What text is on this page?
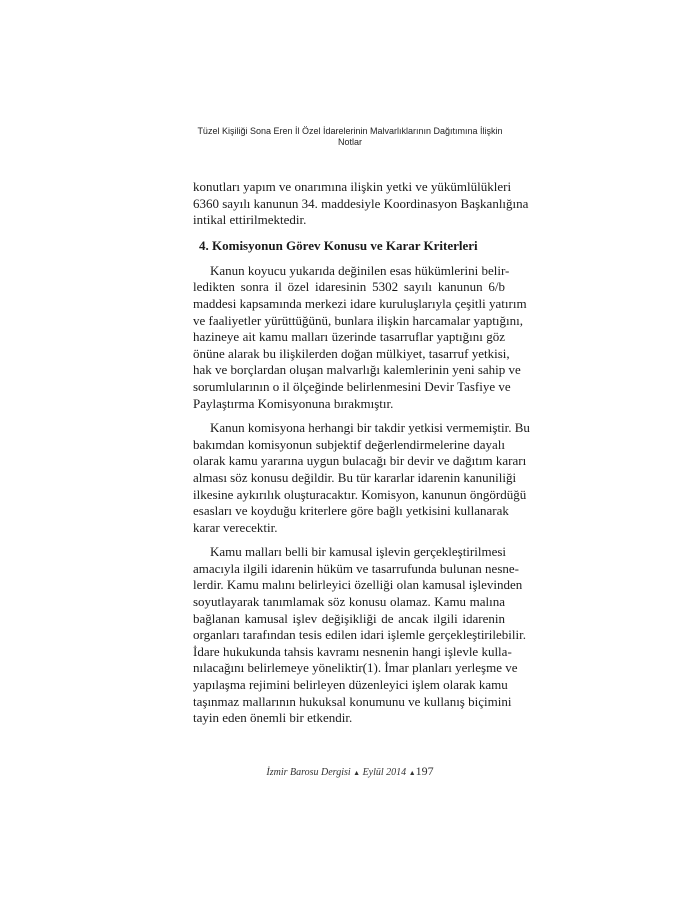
Tüzel Kişiliği Sona Eren İl Özel İdarelerinin Malvarlıklarının Dağıtımına İlişkin
Notlar
konutları yapım ve onarımına ilişkin yetki ve yükümlülükleri
6360 sayılı kanunun 34. maddesiyle Koordinasyon Başkanlığına
intikal ettirilmektedir.
4. Komisyonun Görev Konusu ve Karar Kriterleri
Kanun koyucu yukarıda değinilen esas hükümlerini belir-
ledikten sonra il özel idaresinin 5302 sayılı kanunun 6/b
maddesi kapsamında merkezi idare kuruluşlarıyla çeşitli yatırım
ve faaliyetler yürüttüğünü, bunlara ilişkin harcamalar yaptığını,
hazineye ait kamu malları üzerinde tasarruflar yaptığını göz
önüne alarak bu ilişkilerden doğan mülkiyet, tasarruf yetkisi,
hak ve borçlardan oluşan malvarlığı kalemlerinin yeni sahip ve
sorumlularının o il ölçeğinde belirlenmesini Devir Tasfiye ve
Paylaştırma Komisyonuna bırakmıştır.
Kanun komisyona herhangi bir takdir yetkisi vermemiştir. Bu
bakımdan komisyonun subjektif değerlendirmelerine dayalı
olarak kamu yararına uygun bulacağı bir devir ve dağıtım kararı
alması söz konusu değildir. Bu tür kararlar idarenin kanuniliği
ilkesine aykırılık oluşturacaktır. Komisyon, kanunun öngördüğü
esasları ve koyduğu kriterlere göre bağlı yetkisini kullanarak
karar verecektir.
Kamu malları belli bir kamusal işlevin gerçekleştirilmesi
amacıyla ilgili idarenin hüküm ve tasarrufunda bulunan nesne-
lerdir. Kamu malını belirleyici özelliği olan kamusal işlevinden
soyutlayarak tanımlamak söz konusu olamaz. Kamu malına
bağlanan kamusal işlev değişikliği de ancak ilgili idarenin
organları tarafından tesis edilen idari işlemle gerçekleştirilebilir.
İdare hukukunda tahsis kavramı nesnenin hangi işlevle kulla-
nılacağını belirlemeye yöneliktir(1). İmar planları yerleşme ve
yapılaşma rejimini belirleyen düzenleyici işlem olarak kamu
taşınmaz mallarının hukuksal konumunu ve kullanış biçimini
tayin eden önemli bir etkendir.
İzmir Barosu Dergisi ▲ Eylül 2014 ▲197
